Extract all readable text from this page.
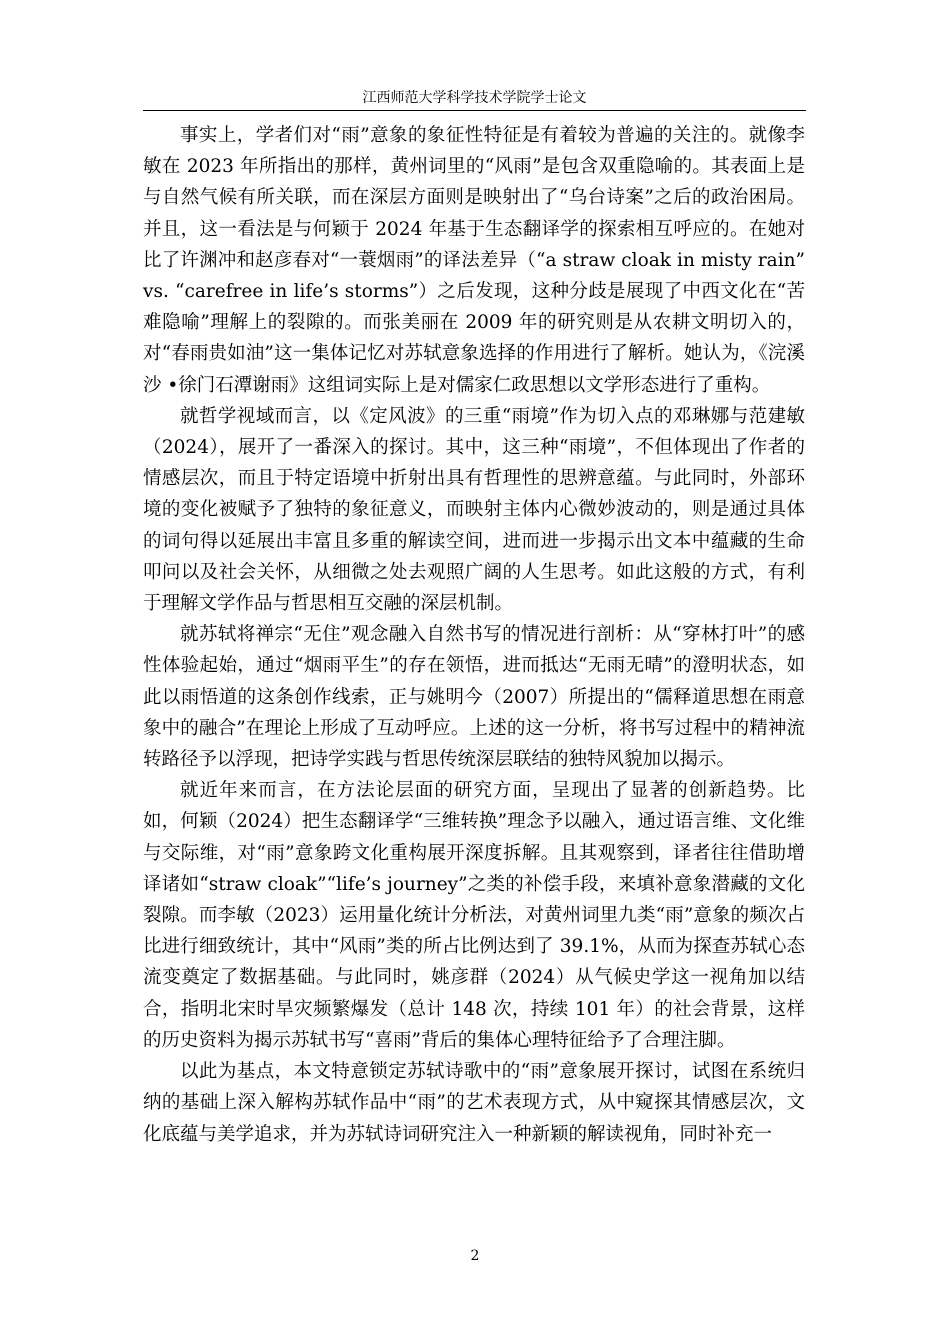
江西师范大学科学技术学院学士论文

事实上，学者们对“雨”意象的象征性特征是有着较为普遍的关注的。就像李敏在 2023 年所指出的那样，黄州词里的“风雨”是包含双重隐喻的。其表面上是与自然气候有所关联，而在深层方面则是映射出了“乌台诗案”之后的政治困局。并且，这一看法是与何颖于 2024 年基于生态翻译学的探索相互呼应的。在她对比了许渊冲和赵彦春对“一蓑烟雨”的译法差异（“a straw cloak in misty rain” vs. “carefree in life’s storms”）之后发现，这种分歧是展现了中西文化在“苦难隐喻”理解上的裂隙的。而张美丽在 2009 年的研究则是从农耕文明切入的，对“春雨贵如油”这一集体记忆对苏轼意象选择的作用进行了解析。她认为，《浣溪沙 •徐门石潭谢雨》这组词实际上是对儒家仁政思想以文学形态进行了重构。

就哲学视域而言，以《定风波》的三重“雨境”作为切入点的邓琳娜与范建敏（2024），展开了一番深入的探讨。其中，这三种“雨境”，不但体现出了作者的情感层次，而且于特定语境中折射出具有哲理性的思辨意蕴。与此同时，外部环境的变化被赋予了独特的象征意义，而映射主体内心微妙波动的，则是通过具体的词句得以延展出丰富且多重的解读空间，进而进一步揭示出文本中蕴藏的生命叩问以及社会关怀，从细微之处去观照广阔的人生思考。如此这般的方式，有利于理解文学作品与哲思相互交融的深层机制。

就苏轼将禅宗“无住”观念融入自然书写的情况进行剖析：从“穿林打叶”的感性体验起始，通过“烟雨平生”的存在领悟，进而抵达“无雨无晴”的澄明状态，如此以雨悟道的这条创作线索，正与姚明今（2007）所提出的“儒释道思想在雨意象中的融合”在理论上形成了互动呼应。上述的这一分析，将书写过程中的精神流转路径予以浮现，把诗学实践与哲思传统深层联结的独特风貌加以揭示。

就近年来而言，在方法论层面的研究方面，呈现出了显著的创新趋势。比如，何颖（2024）把生态翻译学“三维转换”理念予以融入，通过语言维、文化维与交际维，对“雨”意象跨文化重构展开深度拆解。且其观察到，译者往往借助增译诸如“straw cloak”“life’s journey”之类的补偿手段，来填补意象潜藏的文化裂隙。而李敏（2023）运用量化统计分析法，对黄州词里九类“雨”意象的频次占比进行细致统计，其中“风雨”类的所占比例达到了 39.1%，从而为探查苏轼心态流变奠定了数据基础。与此同时，姚彦群（2024）从气候史学这一视角加以结合，指明北宋时旱灾频繁爆发（总计 148 次，持续 101 年）的社会背景，这样的历史资料为揭示苏轼书写“喜雨”背后的集体心理特征给予了合理注脚。

以此为基点，本文特意锁定苏轼诗歌中的“雨”意象展开探讨，试图在系统归纳的基础上深入解构苏轼作品中“雨”的艺术表现方式，从中窥探其情感层次，文化底蕴与美学追求，并为苏轼诗词研究注入一种新颖的解读视角，同时补充一

2
